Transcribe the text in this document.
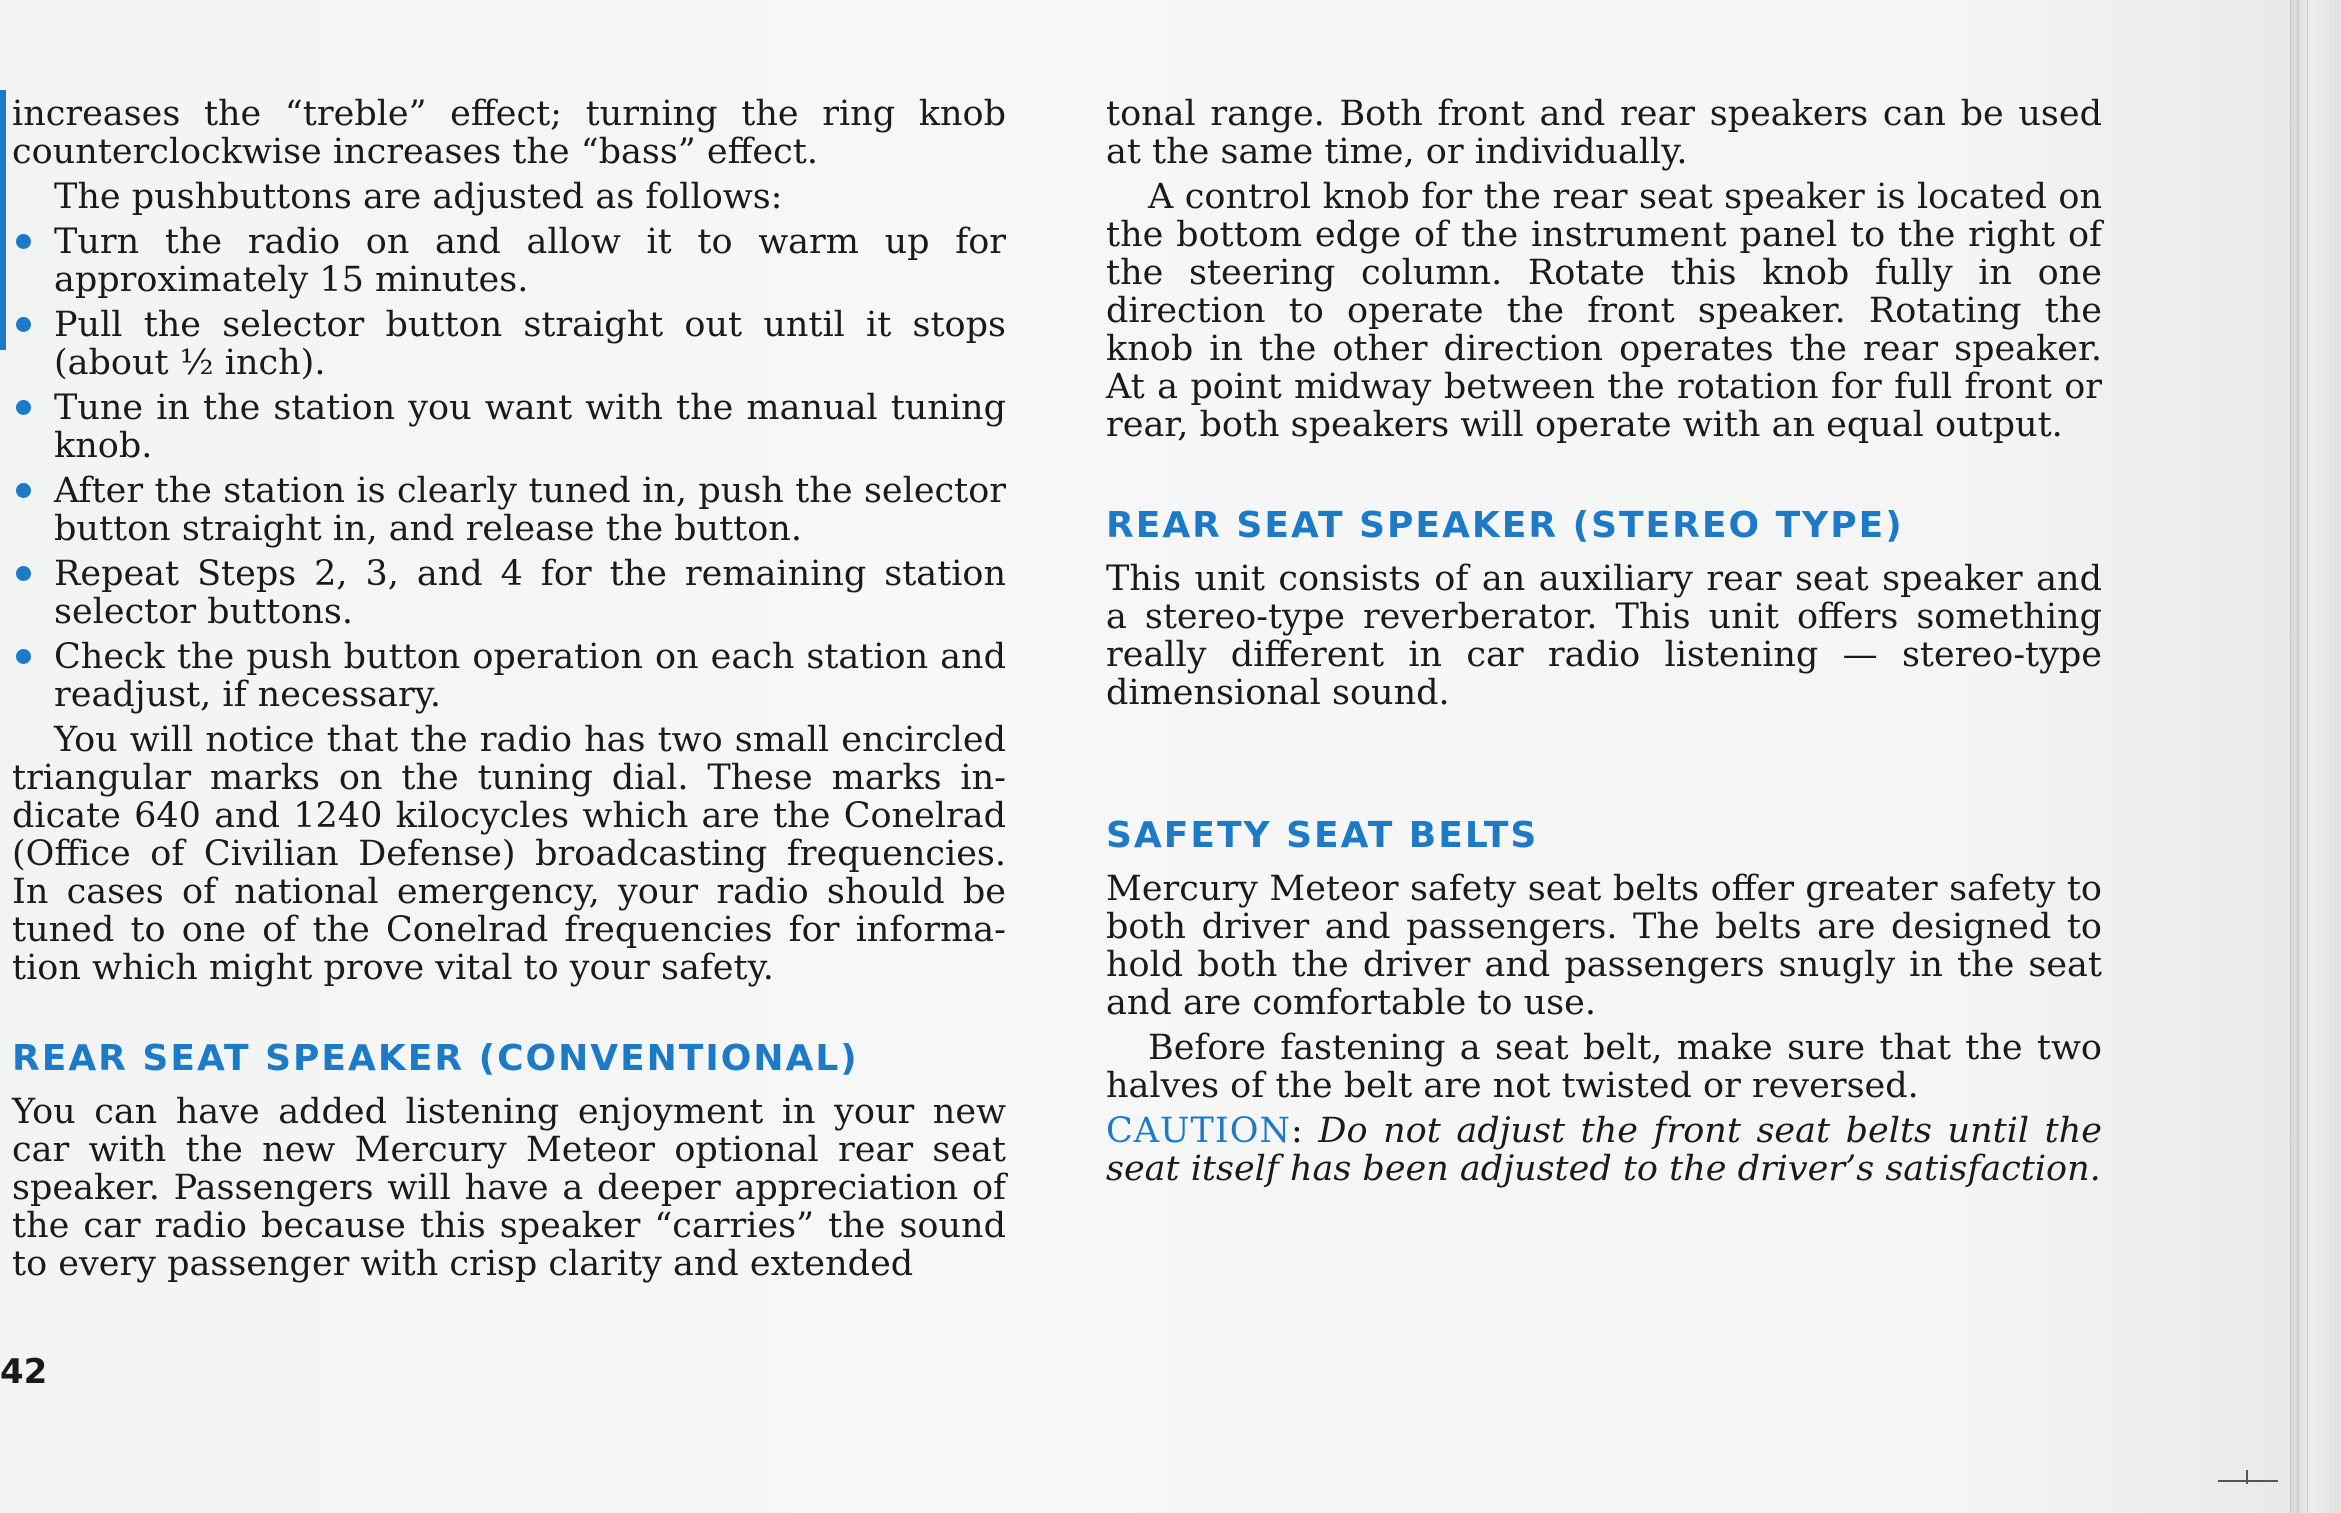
increases the “treble” effect; turning the ring knob counterclockwise increases the “bass” effect.

The pushbuttons are adjusted as follows:

Turn the radio on and allow it to warm up for approximately 15 minutes.
Pull the selector button straight out until it stops (about ½ inch).
Tune in the station you want with the manual tuning knob.
After the station is clearly tuned in, push the selector button straight in, and release the button.
Repeat Steps 2, 3, and 4 for the remaining station selector buttons.
Check the push button operation on each station and readjust, if necessary.

You will notice that the radio has two small encircled triangular marks on the tuning dial. These marks indicate 640 and 1240 kilocycles which are the Conelrad (Office of Civilian Defense) broadcasting frequencies. In cases of national emergency, your radio should be tuned to one of the Conelrad frequencies for information which might prove vital to your safety.

REAR SEAT SPEAKER (CONVENTIONAL)

You can have added listening enjoyment in your new car with the new Mercury Meteor optional rear seat speaker. Passengers will have a deeper appreciation of the car radio because this speaker “carries” the sound to every passenger with crisp clarity and extended

tonal range. Both front and rear speakers can be used at the same time, or individually.

A control knob for the rear seat speaker is located on the bottom edge of the instrument panel to the right of the steering column. Rotate this knob fully in one direction to operate the front speaker. Rotating the knob in the other direction operates the rear speaker. At a point midway between the rotation for full front or rear, both speakers will operate with an equal output.

REAR SEAT SPEAKER (STEREO TYPE)

This unit consists of an auxiliary rear seat speaker and a stereo-type reverberator. This unit offers something really different in car radio listening — stereo-type dimensional sound.

SAFETY SEAT BELTS

Mercury Meteor safety seat belts offer greater safety to both driver and passengers. The belts are designed to hold both the driver and passengers snugly in the seat and are comfortable to use.

Before fastening a seat belt, make sure that the two halves of the belt are not twisted or reversed.

CAUTION: Do not adjust the front seat belts until the seat itself has been adjusted to the driver’s satisfaction.

42
